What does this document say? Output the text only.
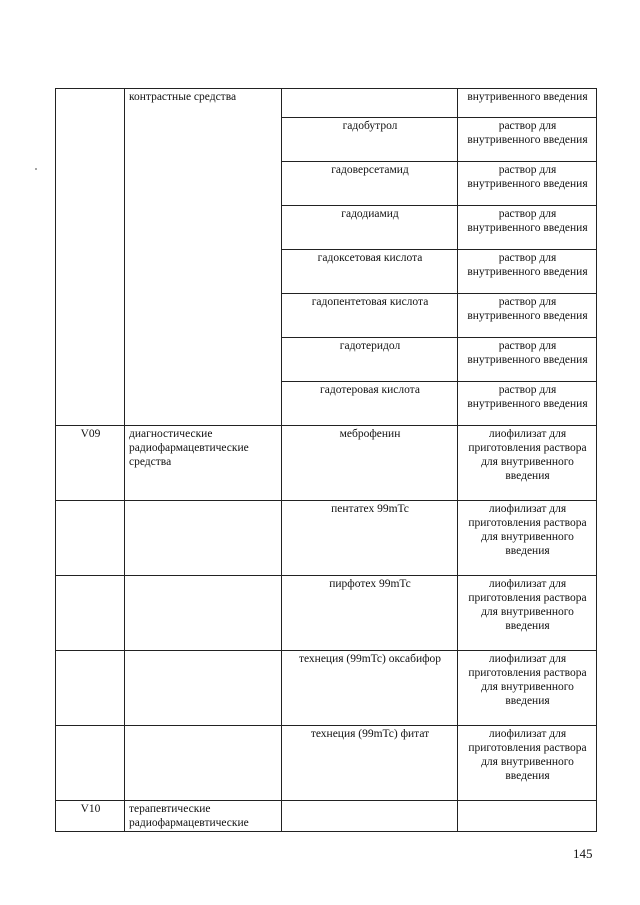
	контрастные средства		внутривенного введения
		гадобутрол	раствор для внутривенного введения
		гадоверсетамид	раствор для внутривенного введения
		гадодиамид	раствор для внутривенного введения
		гадоксетовая кислота	раствор для внутривенного введения
		гадопентетовая кислота	раствор для внутривенного введения
		гадотеридол	раствор для внутривенного введения
		гадотеровая кислота	раствор для внутривенного введения
V09	диагностические радиофармацевтические средства	меброфенин	лиофилизат для приготовления раствора для внутривенного введения
		пентатех 99mTc	лиофилизат для приготовления раствора для внутривенного введения
		пирфотех 99mTc	лиофилизат для приготовления раствора для внутривенного введения
		технеция (99mTc) оксабифор	лиофилизат для приготовления раствора для внутривенного введения
		технеция (99mTc) фитат	лиофилизат для приготовления раствора для внутривенного введения
V10	терапевтические радиофармацевтические		
145
